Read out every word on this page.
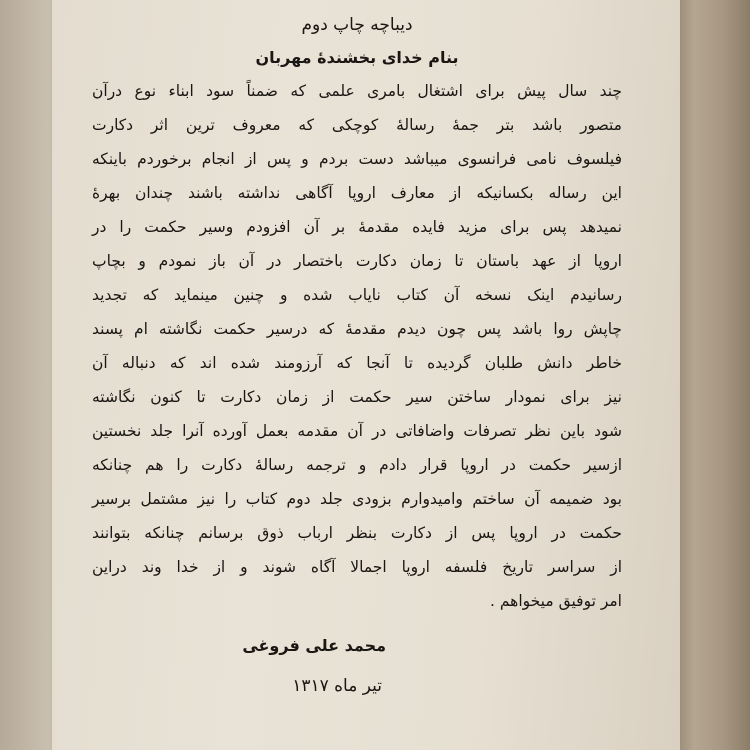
دیباچه چاپ دوم
بنام خدای بخشندهٔ مهربان
چند سال پیش برای اشتغال بامری علمی که ضمناً سود ابناء نوع درآن
متصور باشد بتر جمهٔ رسالهٔ کوچکی که معروف ترین اثر دکارت
فیلسوف نامی فرانسوی میباشد دست بردم و پس از انجام برخوردم باینکه
این رساله بکسانیکه از معارف اروپا آگاهی نداشته باشند چندان بهرهٔ
نمیدهد پس برای مزید فایده مقدمهٔ بر آن افزودم وسیر حکمت را در
اروپا از عهد باستان تا زمان دکارت باختصار در آن باز نمودم و بچاپ
رسانیدم اینک نسخه آن کتاب نایاب شده و چنین مینماید که تجدید
چاپش روا باشد پس چون دیدم مقدمهٔ که درسیر حکمت نگاشته ام پسند
خاطر دانش طلبان گردیده تا آنجا که آرزومند شده اند که دنباله آن
نیز برای نمودار ساختن سیر حکمت از زمان دکارت تا کنون نگاشته
شود باین نظر تصرفات واضافاتی در آن مقدمه بعمل آورده آنرا جلد نخستین
ازسیر حکمت در اروپا قرار دادم و ترجمه رسالهٔ دکارت را هم چنانکه
بود ضمیمه آن ساختم وامیدوارم بزودی جلد دوم کتاب را نیز مشتمل برسیر
حکمت در اروپا پس از دکارت بنظر ارباب ذوق برسانم چنانکه بتوانند
از سراسر تاریخ فلسفه اروپا اجمالا آگاه شوند و از خدا وند دراین
امر توفیق میخواهم .
محمد علی فروغی
تیر ماه ۱۳۱۷
